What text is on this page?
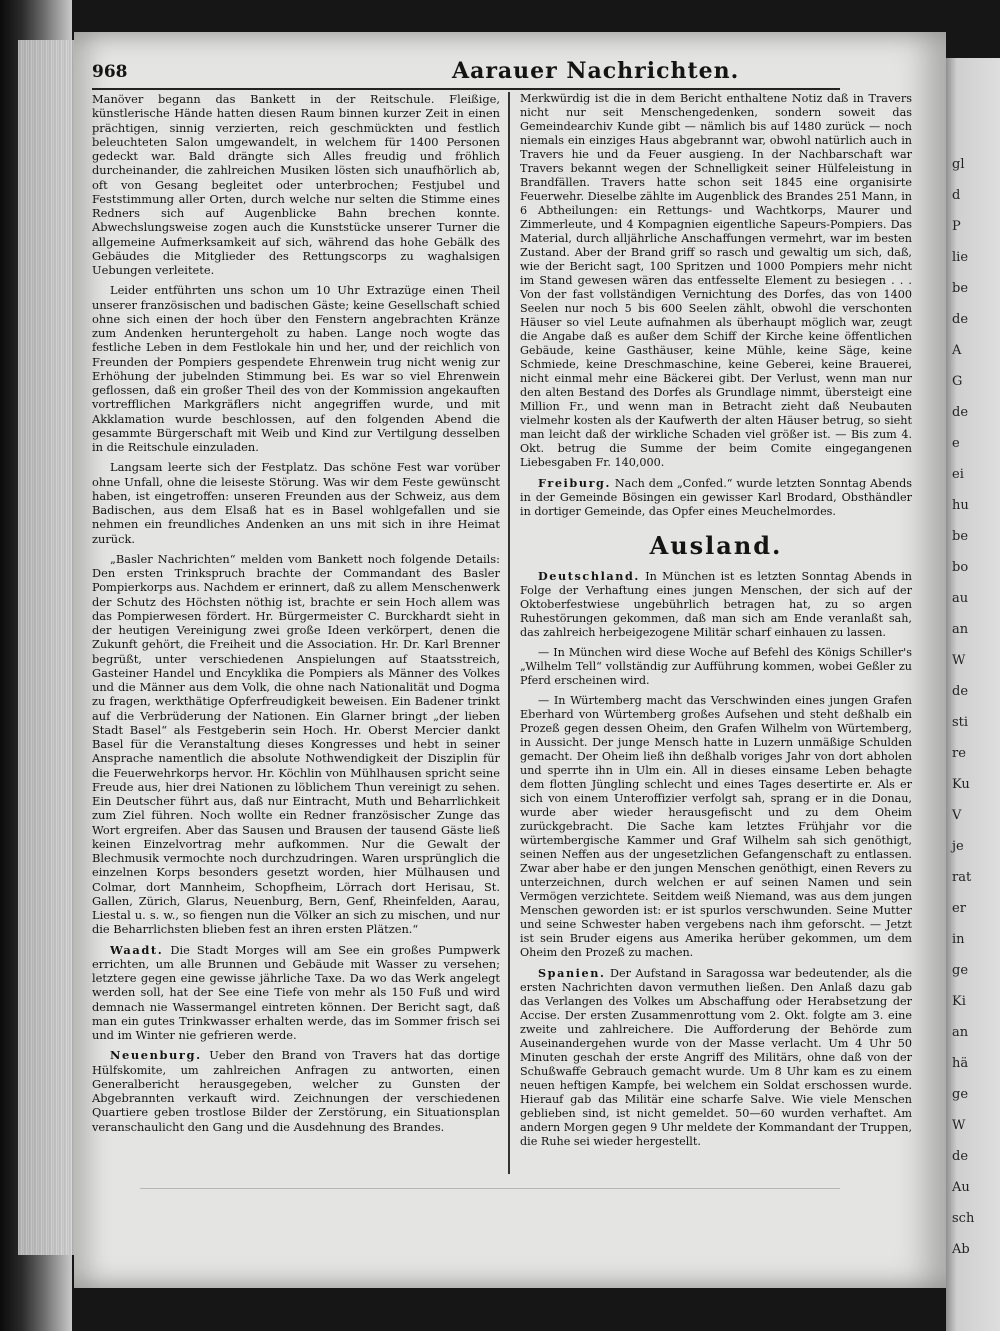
gl
d
P
lie
be
de
A
G
de
e
ei
hu
be
bo
au
an
W
de
sti
re
Ku
V
je
rat
er
in
ge
Ki
an
hä
ge
W
de
Au
sch
Ab
968	Aarauer Nachrichten.

Manöver begann das Bankett in der Reitschule. Fleißige, künstlerische Hände hatten diesen Raum binnen kurzer Zeit in einen prächtigen, sinnig verzierten, reich geschmückten und festlich beleuchteten Salon umgewandelt, in welchem für 1400 Personen gedeckt war. Bald drängte sich Alles freudig und fröhlich durcheinander, die zahlreichen Musiken lösten sich unaufhörlich ab, oft von Gesang begleitet oder unterbrochen; Festjubel und Feststimmung aller Orten, durch welche nur selten die Stimme eines Redners sich auf Augenblicke Bahn brechen konnte. Abwechslungsweise zogen auch die Kunststücke unserer Turner die allgemeine Aufmerksamkeit auf sich, während das hohe Gebälk des Gebäudes die Mitglieder des Rettungscorps zu waghalsigen Uebungen verleitete.

Leider entführten uns schon um 10 Uhr Extrazüge einen Theil unserer französischen und badischen Gäste; keine Gesellschaft schied ohne sich einen der hoch über den Fenstern angebrachten Kränze zum Andenken heruntergeholt zu haben. Lange noch wogte das festliche Leben in dem Festlokale hin und her, und der reichlich von Freunden der Pompiers gespendete Ehrenwein trug nicht wenig zur Erhöhung der jubelnden Stimmung bei. Es war so viel Ehrenwein geflossen, daß ein großer Theil des von der Kommission angekauften vortrefflichen Markgräflers nicht angegriffen wurde, und mit Akklamation wurde beschlossen, auf den folgenden Abend die gesammte Bürgerschaft mit Weib und Kind zur Vertilgung desselben in die Reitschule einzuladen.

Langsam leerte sich der Festplatz. Das schöne Fest war vorüber ohne Unfall, ohne die leiseste Störung. Was wir dem Feste gewünscht haben, ist eingetroffen: unseren Freunden aus der Schweiz, aus dem Badischen, aus dem Elsaß hat es in Basel wohlgefallen und sie nehmen ein freundliches Andenken an uns mit sich in ihre Heimat zurück.

„Basler Nachrichten“ melden vom Bankett noch folgende Details: Den ersten Trinkspruch brachte der Commandant des Basler Pompierkorps aus. Nachdem er erinnert, daß zu allem Menschenwerk der Schutz des Höchsten nöthig ist, brachte er sein Hoch allem was das Pompierwesen fördert. Hr. Bürgermeister C. Burckhardt sieht in der heutigen Vereinigung zwei große Ideen verkörpert, denen die Zukunft gehört, die Freiheit und die Association. Hr. Dr. Karl Brenner begrüßt, unter verschiedenen Anspielungen auf Staatsstreich, Gasteiner Handel und Encyklika die Pompiers als Männer des Volkes und die Männer aus dem Volk, die ohne nach Nationalität und Dogma zu fragen, werkthätige Opferfreudigkeit beweisen. Ein Badener trinkt auf die Verbrüderung der Nationen. Ein Glarner bringt „der lieben Stadt Basel“ als Festgeberin sein Hoch. Hr. Oberst Mercier dankt Basel für die Veranstaltung dieses Kongresses und hebt in seiner Ansprache namentlich die absolute Nothwendigkeit der Disziplin für die Feuerwehrkorps hervor. Hr. Köchlin von Mühlhausen spricht seine Freude aus, hier drei Nationen zu löblichem Thun vereinigt zu sehen. Ein Deutscher führt aus, daß nur Eintracht, Muth und Beharrlichkeit zum Ziel führen. Noch wollte ein Redner französischer Zunge das Wort ergreifen. Aber das Sausen und Brausen der tausend Gäste ließ keinen Einzelvortrag mehr aufkommen. Nur die Gewalt der Blechmusik vermochte noch durchzudringen. Waren ursprünglich die einzelnen Korps besonders gesetzt worden, hier Mülhausen und Colmar, dort Mannheim, Schopfheim, Lörrach dort Herisau, St. Gallen, Zürich, Glarus, Neuenburg, Bern, Genf, Rheinfelden, Aarau, Liestal u. s. w., so fiengen nun die Völker an sich zu mischen, und nur die Beharrlichsten blieben fest an ihren ersten Plätzen.“

Waadt. Die Stadt Morges will am See ein großes Pumpwerk errichten, um alle Brunnen und Gebäude mit Wasser zu versehen; letztere gegen eine gewisse jährliche Taxe. Da wo das Werk angelegt werden soll, hat der See eine Tiefe von mehr als 150 Fuß und wird demnach nie Wassermangel eintreten können. Der Bericht sagt, daß man ein gutes Trinkwasser erhalten werde, das im Sommer frisch sei und im Winter nie gefrieren werde.

Neuenburg. Ueber den Brand von Travers hat das dortige Hülfskomite, um zahlreichen Anfragen zu antworten, einen Generalbericht herausgegeben, welcher zu Gunsten der Abgebrannten verkauft wird. Zeichnungen der verschiedenen Quartiere geben trostlose Bilder der Zerstörung, ein Situationsplan veranschaulicht den Gang und die Ausdehnung des Brandes.

Merkwürdig ist die in dem Bericht enthaltene Notiz daß in Travers nicht nur seit Menschengedenken, sondern soweit das Gemeindearchiv Kunde gibt — nämlich bis auf 1480 zurück — noch niemals ein einziges Haus abgebrannt war, obwohl natürlich auch in Travers hie und da Feuer ausgieng. In der Nachbarschaft war Travers bekannt wegen der Schnelligkeit seiner Hülfeleistung in Brandfällen. Travers hatte schon seit 1845 eine organisirte Feuerwehr. Dieselbe zählte im Augenblick des Brandes 251 Mann, in 6 Abtheilungen: ein Rettungs- und Wachtkorps, Maurer und Zimmerleute, und 4 Kompagnien eigentliche Sapeurs-Pompiers. Das Material, durch alljährliche Anschaffungen vermehrt, war im besten Zustand. Aber der Brand griff so rasch und gewaltig um sich, daß, wie der Bericht sagt, 100 Spritzen und 1000 Pompiers mehr nicht im Stand gewesen wären das entfesselte Element zu besiegen . . . Von der fast vollständigen Vernichtung des Dorfes, das von 1400 Seelen nur noch 5 bis 600 Seelen zählt, obwohl die verschonten Häuser so viel Leute aufnahmen als überhaupt möglich war, zeugt die Angabe daß es außer dem Schiff der Kirche keine öffentlichen Gebäude, keine Gasthäuser, keine Mühle, keine Säge, keine Schmiede, keine Dreschmaschine, keine Geberei, keine Brauerei, nicht einmal mehr eine Bäckerei gibt. Der Verlust, wenn man nur den alten Bestand des Dorfes als Grundlage nimmt, übersteigt eine Million Fr., und wenn man in Betracht zieht daß Neubauten vielmehr kosten als der Kaufwerth der alten Häuser betrug, so sieht man leicht daß der wirkliche Schaden viel größer ist. — Bis zum 4. Okt. betrug die Summe der beim Comite eingegangenen Liebesgaben Fr. 140,000.

Freiburg. Nach dem „Confed.“ wurde letzten Sonntag Abends in der Gemeinde Bösingen ein gewisser Karl Brodard, Obsthändler in dortiger Gemeinde, das Opfer eines Meuchelmordes.

Ausland.

Deutschland. In München ist es letzten Sonntag Abends in Folge der Verhaftung eines jungen Menschen, der sich auf der Oktoberfestwiese ungebührlich betragen hat, zu so argen Ruhestörungen gekommen, daß man sich am Ende veranlaßt sah, das zahlreich herbeigezogene Militär scharf einhauen zu lassen.

— In München wird diese Woche auf Befehl des Königs Schiller's „Wilhelm Tell“ vollständig zur Aufführung kommen, wobei Geßler zu Pferd erscheinen wird.

— In Würtemberg macht das Verschwinden eines jungen Grafen Eberhard von Würtemberg großes Aufsehen und steht deßhalb ein Prozeß gegen dessen Oheim, den Grafen Wilhelm von Würtemberg, in Aussicht. Der junge Mensch hatte in Luzern unmäßige Schulden gemacht. Der Oheim ließ ihn deßhalb voriges Jahr von dort abholen und sperrte ihn in Ulm ein. All in dieses einsame Leben behagte dem flotten Jüngling schlecht und eines Tages desertirte er. Als er sich von einem Unteroffizier verfolgt sah, sprang er in die Donau, wurde aber wieder herausgefischt und zu dem Oheim zurückgebracht. Die Sache kam letztes Frühjahr vor die würtembergische Kammer und Graf Wilhelm sah sich genöthigt, seinen Neffen aus der ungesetzlichen Gefangenschaft zu entlassen. Zwar aber habe er den jungen Menschen genöthigt, einen Revers zu unterzeichnen, durch welchen er auf seinen Namen und sein Vermögen verzichtete. Seitdem weiß Niemand, was aus dem jungen Menschen geworden ist: er ist spurlos verschwunden. Seine Mutter und seine Schwester haben vergebens nach ihm geforscht. — Jetzt ist sein Bruder eigens aus Amerika herüber gekommen, um dem Oheim den Prozeß zu machen.

Spanien. Der Aufstand in Saragossa war bedeutender, als die ersten Nachrichten davon vermuthen ließen. Den Anlaß dazu gab das Verlangen des Volkes um Abschaffung oder Herabsetzung der Accise. Der ersten Zusammenrottung vom 2. Okt. folgte am 3. eine zweite und zahlreichere. Die Aufforderung der Behörde zum Auseinandergehen wurde von der Masse verlacht. Um 4 Uhr 50 Minuten geschah der erste Angriff des Militärs, ohne daß von der Schußwaffe Gebrauch gemacht wurde. Um 8 Uhr kam es zu einem neuen heftigen Kampfe, bei welchem ein Soldat erschossen wurde. Hierauf gab das Militär eine scharfe Salve. Wie viele Menschen geblieben sind, ist nicht gemeldet. 50—60 wurden verhaftet. Am andern Morgen gegen 9 Uhr meldete der Kommandant der Truppen, die Ruhe sei wieder hergestellt.
